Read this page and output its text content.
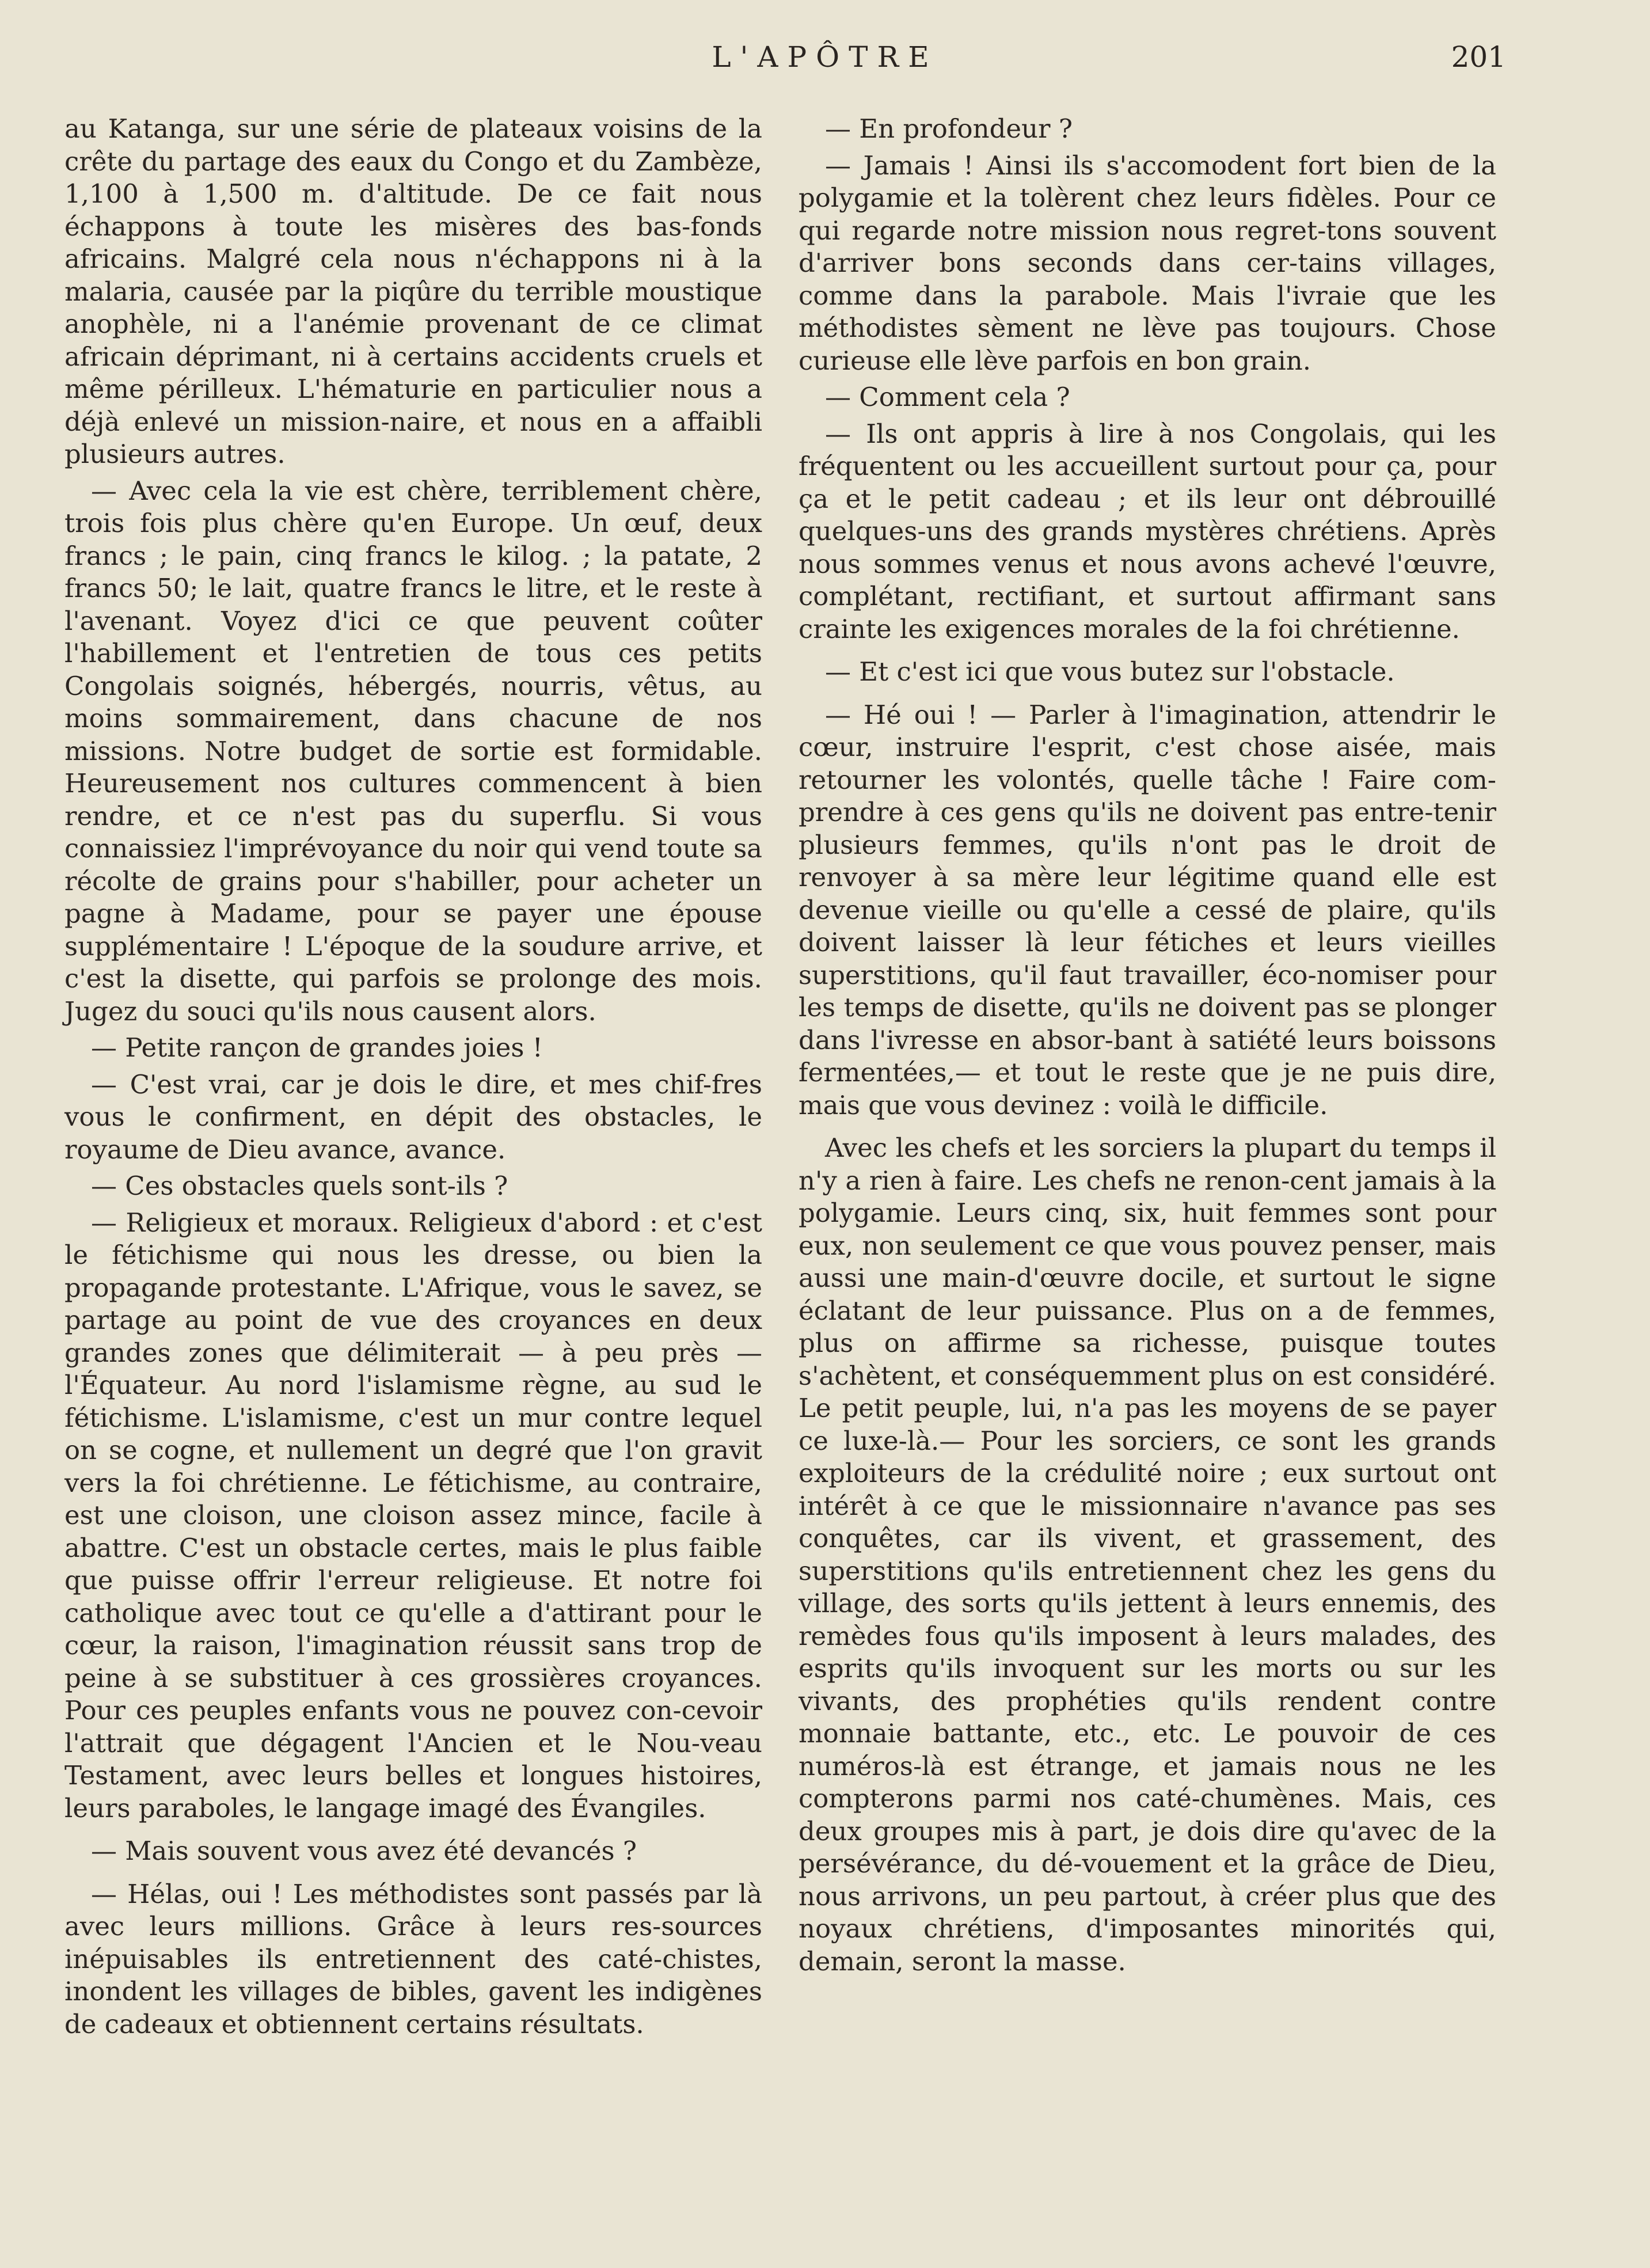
L'APÔTRE	201

au Katanga, sur une série de plateaux voisins de la crête du partage des eaux du Congo et du Zambèze, 1,100 à 1,500 m. d'altitude. De ce fait nous échappons à toute les misères des bas-fonds africains. Malgré cela nous n'échappons ni à la malaria, causée par la piqûre du terrible moustique anophèle, ni a l'anémie provenant de ce climat africain déprimant, ni à certains accidents cruels et même périlleux. L'hématurie en particulier nous a déjà enlevé un mission-naire, et nous en a affaibli plusieurs autres.

— Avec cela la vie est chère, terriblement chère, trois fois plus chère qu'en Europe. Un œuf, deux francs ; le pain, cinq francs le kilog. ; la patate, 2 francs 50; le lait, quatre francs le litre, et le reste à l'avenant. Voyez d'ici ce que peuvent coûter l'habillement et l'entretien de tous ces petits Congolais soignés, hébergés, nourris, vêtus, au moins sommairement, dans chacune de nos missions. Notre budget de sortie est formidable. Heureusement nos cultures commencent à bien rendre, et ce n'est pas du superflu. Si vous connaissiez l'imprévoyance du noir qui vend toute sa récolte de grains pour s'habiller, pour acheter un pagne à Madame, pour se payer une épouse supplémentaire ! L'époque de la soudure arrive, et c'est la disette, qui parfois se prolonge des mois. Jugez du souci qu'ils nous causent alors.

— Petite rançon de grandes joies !

— C'est vrai, car je dois le dire, et mes chif-fres vous le confirment, en dépit des obstacles, le royaume de Dieu avance, avance.

— Ces obstacles quels sont-ils ?

— Religieux et moraux. Religieux d'abord : et c'est le fétichisme qui nous les dresse, ou bien la propagande protestante. L'Afrique, vous le savez, se partage au point de vue des croyances en deux grandes zones que délimiterait — à peu près — l'Équateur. Au nord l'islamisme règne, au sud le fétichisme. L'islamisme, c'est un mur contre lequel on se cogne, et nullement un degré que l'on gravit vers la foi chrétienne. Le fétichisme, au contraire, est une cloison, une cloison assez mince, facile à abattre. C'est un obstacle certes, mais le plus faible que puisse offrir l'erreur religieuse. Et notre foi catholique avec tout ce qu'elle a d'attirant pour le cœur, la raison, l'imagination réussit sans trop de peine à se substituer à ces grossières croyances. Pour ces peuples enfants vous ne pouvez con-cevoir l'attrait que dégagent l'Ancien et le Nou-veau Testament, avec leurs belles et longues histoires, leurs paraboles, le langage imagé des Évangiles.

— Mais souvent vous avez été devancés ?

— Hélas, oui ! Les méthodistes sont passés par là avec leurs millions. Grâce à leurs res-sources inépuisables ils entretiennent des caté-chistes, inondent les villages de bibles, gavent les indigènes de cadeaux et obtiennent certains résultats.

— En profondeur ?

— Jamais ! Ainsi ils s'accomodent fort bien de la polygamie et la tolèrent chez leurs fidèles. Pour ce qui regarde notre mission nous regret-tons souvent d'arriver bons seconds dans cer-tains villages, comme dans la parabole. Mais l'ivraie que les méthodistes sèment ne lève pas toujours. Chose curieuse elle lève parfois en bon grain.

— Comment cela ?

— Ils ont appris à lire à nos Congolais, qui les fréquentent ou les accueillent surtout pour ça, pour ça et le petit cadeau ; et ils leur ont débrouillé quelques-uns des grands mystères chrétiens. Après nous sommes venus et nous avons achevé l'œuvre, complétant, rectifiant, et surtout affirmant sans crainte les exigences morales de la foi chrétienne.

— Et c'est ici que vous butez sur l'obstacle.

— Hé oui ! — Parler à l'imagination, attendrir le cœur, instruire l'esprit, c'est chose aisée, mais retourner les volontés, quelle tâche ! Faire com-prendre à ces gens qu'ils ne doivent pas entre-tenir plusieurs femmes, qu'ils n'ont pas le droit de renvoyer à sa mère leur légitime quand elle est devenue vieille ou qu'elle a cessé de plaire, qu'ils doivent laisser là leur fétiches et leurs vieilles superstitions, qu'il faut travailler, éco-nomiser pour les temps de disette, qu'ils ne doivent pas se plonger dans l'ivresse en absor-bant à satiété leurs boissons fermentées,— et tout le reste que je ne puis dire, mais que vous devinez : voilà le difficile.

Avec les chefs et les sorciers la plupart du temps il n'y a rien à faire. Les chefs ne renon-cent jamais à la polygamie. Leurs cinq, six, huit femmes sont pour eux, non seulement ce que vous pouvez penser, mais aussi une main-d'œuvre docile, et surtout le signe éclatant de leur puissance. Plus on a de femmes, plus on affirme sa richesse, puisque toutes s'achètent, et conséquemment plus on est considéré. Le petit peuple, lui, n'a pas les moyens de se payer ce luxe-là.— Pour les sorciers, ce sont les grands exploiteurs de la crédulité noire ; eux surtout ont intérêt à ce que le missionnaire n'avance pas ses conquêtes, car ils vivent, et grassement, des superstitions qu'ils entretiennent chez les gens du village, des sorts qu'ils jettent à leurs ennemis, des remèdes fous qu'ils imposent à leurs malades, des esprits qu'ils invoquent sur les morts ou sur les vivants, des prophéties qu'ils rendent contre monnaie battante, etc., etc. Le pouvoir de ces numéros-là est étrange, et jamais nous ne les compterons parmi nos caté-chumènes. Mais, ces deux groupes mis à part, je dois dire qu'avec de la persévérance, du dé-vouement et la grâce de Dieu, nous arrivons, un peu partout, à créer plus que des noyaux chrétiens, d'imposantes minorités qui, demain, seront la masse.
